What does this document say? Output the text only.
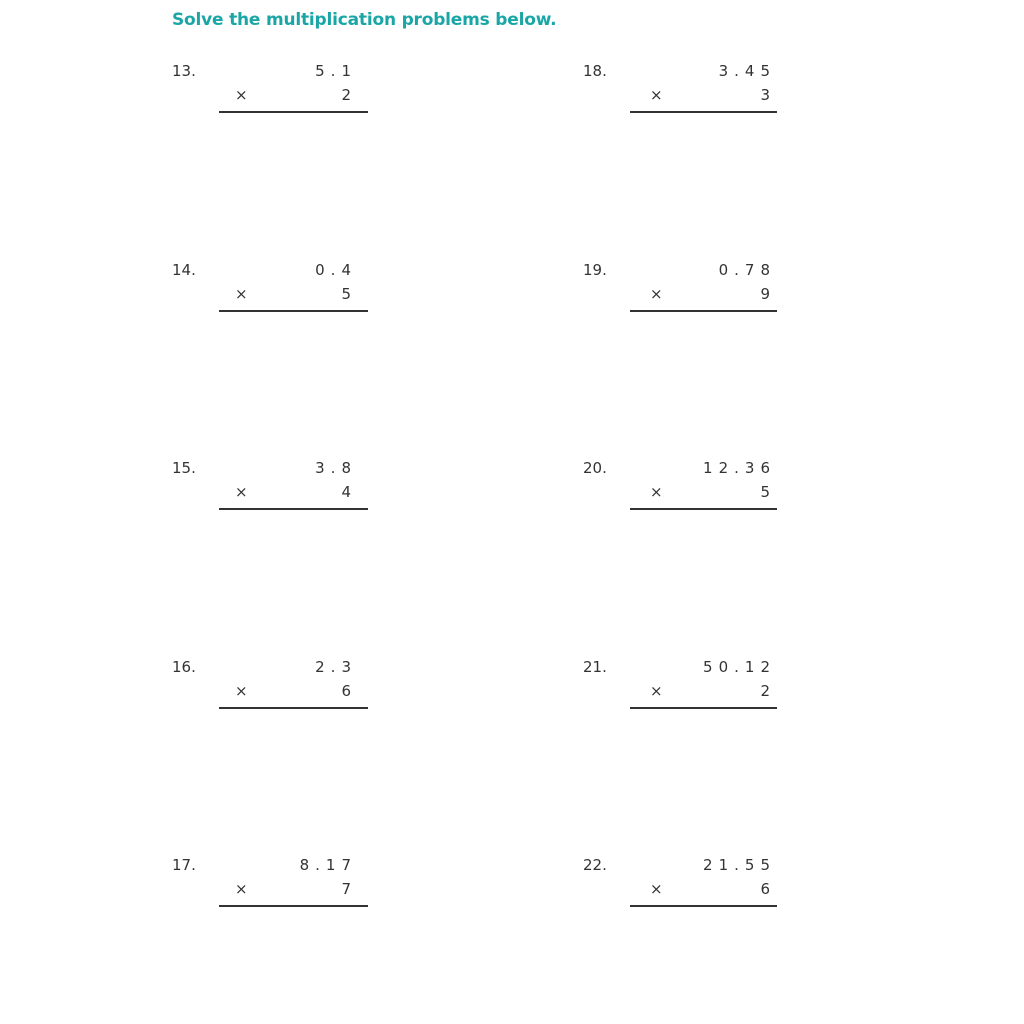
Solve the multiplication problems below.
13.	5.1
×	2
14.	0.4
×	5
15.	3.8
×	4
16.	2.3
×	6
17.	8.17
×	7
18.	3.45
×	3
19.	0.78
×	9
20.	12.36
×	5
21.	50.12
×	2
22.	21.55
×	6
